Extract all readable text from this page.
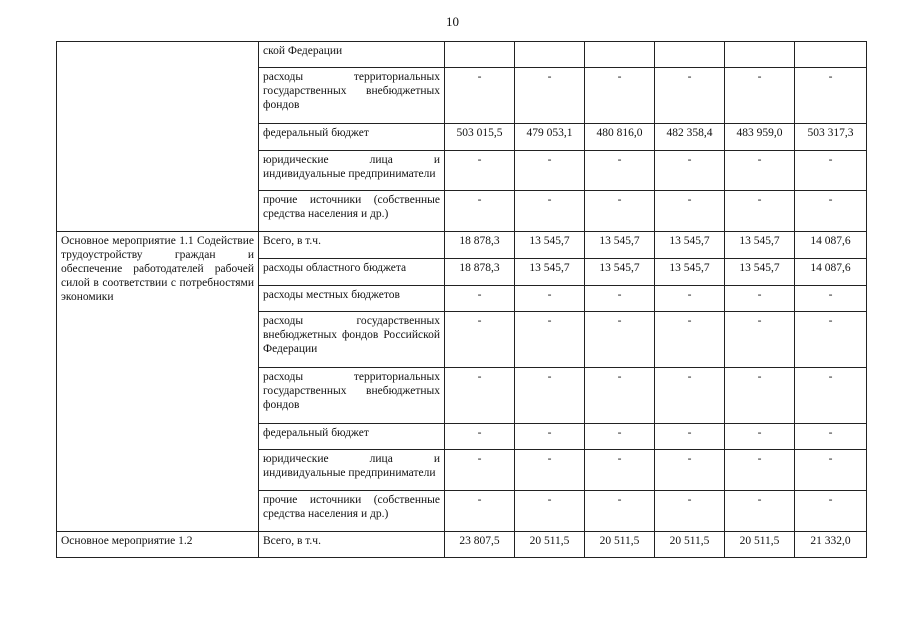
10
	ской Федерации						
	расходы территориальных государственных внебюджетных фондов	-	-	-	-	-	-
	федеральный бюджет	503 015,5	479 053,1	480 816,0	482 358,4	483 959,0	503 317,3
	юридические лица и индивидуальные предприниматели	-	-	-	-	-	-
	прочие источники (собственные средства населения и др.)	-	-	-	-	-	-
Основное мероприятие 1.1 Содействие трудоустройству граждан и обеспечение работодателей рабочей силой в соответствии с потребностями экономики	Всего, в т.ч.	18 878,3	13 545,7	13 545,7	13 545,7	13 545,7	14 087,6
	расходы областного бюджета	18 878,3	13 545,7	13 545,7	13 545,7	13 545,7	14 087,6
	расходы местных бюджетов	-	-	-	-	-	-
	расходы государственных внебюджетных фондов Российской Федерации	-	-	-	-	-	-
	расходы территориальных государственных внебюджетных фондов	-	-	-	-	-	-
	федеральный бюджет	-	-	-	-	-	-
	юридические лица и индивидуальные предприниматели	-	-	-	-	-	-
	прочие источники (собственные средства населения и др.)	-	-	-	-	-	-
Основное мероприятие 1.2	Всего, в т.ч.	23 807,5	20 511,5	20 511,5	20 511,5	20 511,5	21 332,0
